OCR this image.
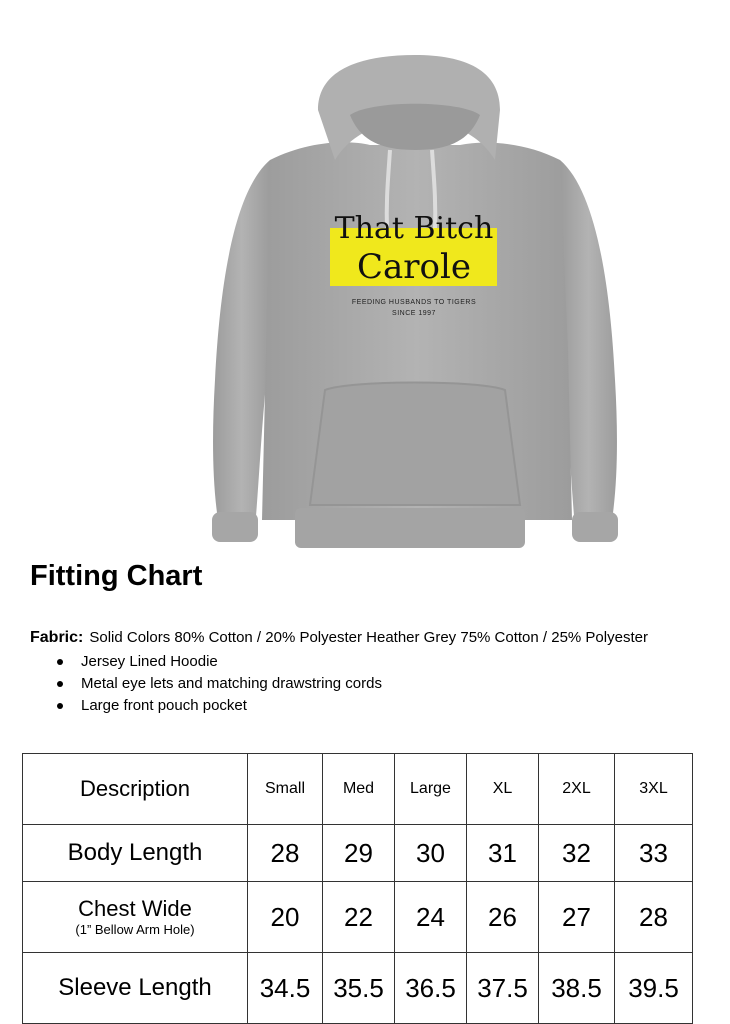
That Bitch
Carole
FEEDING HUSBANDS TO TIGERS
SINCE 1997
Fitting Chart
Fabric: Solid Colors 80% Cotton / 20% Polyester Heather Grey 75% Cotton / 25% Polyester
Jersey Lined Hoodie
Metal eye lets and matching drawstring cords
Large front pouch pocket
Description	Small	Med	Large	XL	2XL	3XL
Body Length	28	29	30	31	32	33
Chest Wide
(1” Bellow Arm Hole)	20	22	24	26	27	28
Sleeve Length	34.5	35.5	36.5	37.5	38.5	39.5
